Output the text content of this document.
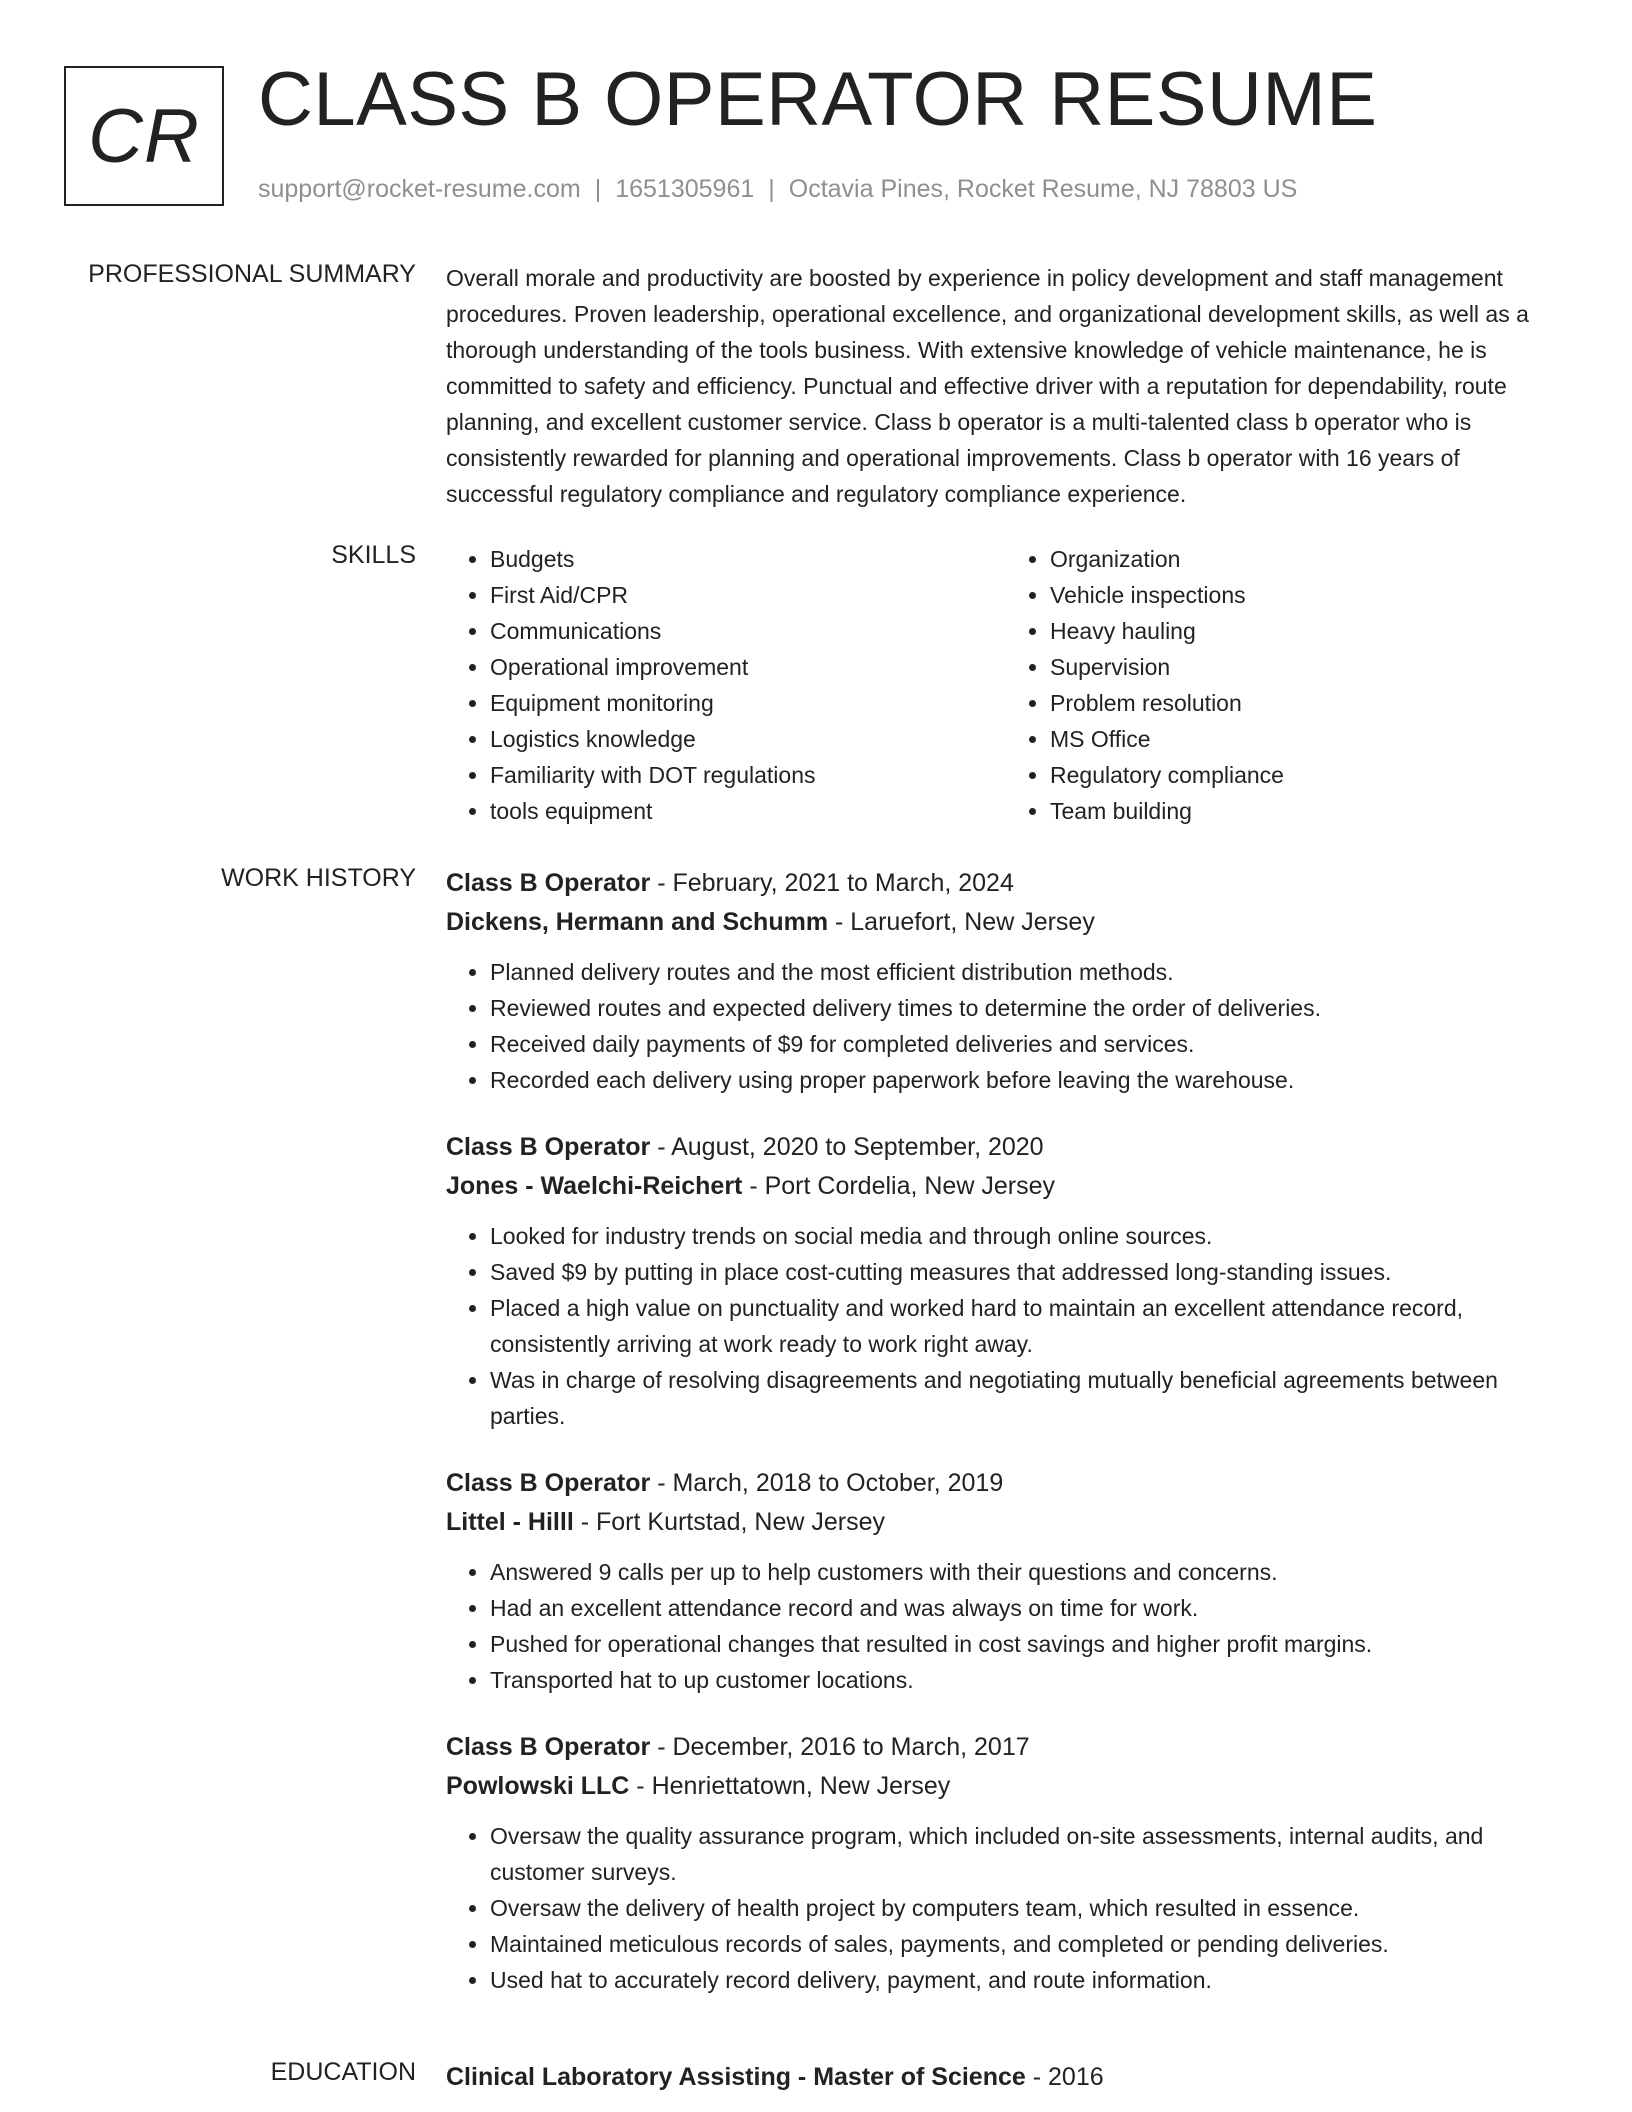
CR CLASS B OPERATOR RESUME
support@rocket-resume.com | 1651305961 | Octavia Pines, Rocket Resume, NJ 78803 US
PROFESSIONAL SUMMARY Overall morale and productivity are boosted by experience in policy development and staff management procedures. Proven leadership, operational excellence, and organizational development skills, as well as a thorough understanding of the tools business. With extensive knowledge of vehicle maintenance, he is committed to safety and efficiency. Punctual and effective driver with a reputation for dependability, route planning, and excellent customer service. Class b operator is a multi-talented class b operator who is consistently rewarded for planning and operational improvements. Class b operator with 16 years of successful regulatory compliance and regulatory compliance experience.

SKILLS
•	Budgets
• First Aid/CPR
• Communications
• Operational improvement
• Equipment monitoring
• Logistics knowledge
• Familiarity with DOT regulations
• tools equipment
• Organization
• Vehicle inspections
• Heavy hauling
• Supervision
• Problem resolution
• MS Office
• Regulatory compliance
• Team building
WORK HISTORY Class B Operator - February, 2021 to March, 2024
Dickens, Hermann and Schumm - Laruefort, New Jersey
• Planned delivery routes and the most efficient distribution methods.
• Reviewed routes and expected delivery times to determine the order of deliveries.
• Received daily payments of $9 for completed deliveries and services.
• Recorded each delivery using proper paperwork before leaving the warehouse.
Class B Operator - August, 2020 to September, 2020
Jones - Waelchi-Reichert - Port Cordelia, New Jersey
• Looked for industry trends on social media and through online sources.
• Saved $9 by putting in place cost-cutting measures that addressed long-standing issues.
• Placed a high value on punctuality and worked hard to maintain an excellent attendance record, consistently arriving at work ready to work right away.
• Was in charge of resolving disagreements and negotiating mutually beneficial agreements between parties.
Class B Operator - March, 2018 to October, 2019
Littel - Hilll - Fort Kurtstad, New Jersey
• Answered 9 calls per up to help customers with their questions and concerns.
• Had an excellent attendance record and was always on time for work.
• Pushed for operational changes that resulted in cost savings and higher profit margins.
• Transported hat to up customer locations.
Class B Operator - December, 2016 to March, 2017
Powlowski LLC - Henriettatown, New Jersey
• Oversaw the quality assurance program, which included on-site assessments, internal audits, and customer surveys.
• Oversaw the delivery of health project by computers team, which resulted in essence.
• Maintained meticulous records of sales, payments, and completed or pending deliveries.
• Used hat to accurately record delivery, payment, and route information.
EDUCATION Clinical Laboratory Assisting - Master of Science - 2016
